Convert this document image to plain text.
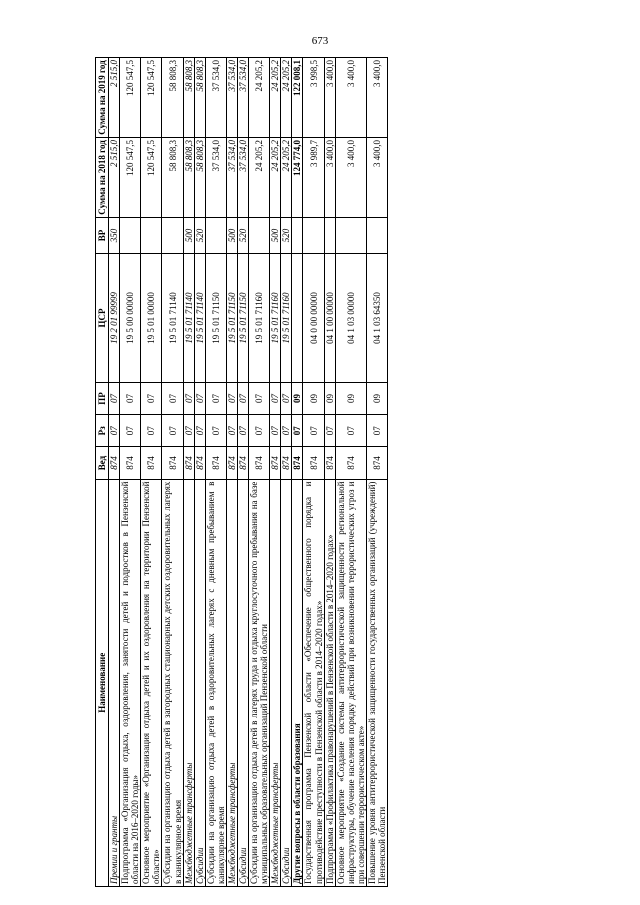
673
Наименование	Вед	Рз	ПР	ЦСР	ВР	Сумма на 2018 год	Сумма на 2019 год
Премии и гранты	874	07	07	19 2 01 99999	350	2 515,0	2 515,0
Подпрограмма «Организация отдыха, оздоровления, занятости детей и подростков в Пензенской области на 2016–2020 годы»	874	07	07	19 5 00 00000		120 547,5	120 547,5
Основное мероприятие «Организация отдыха детей и их оздоровления на территории Пензенской области»	874	07	07	19 5 01 00000		120 547,5	120 547,5
Субсидии на организацию отдыха детей в загородных стационарных детских оздоровительных лагерях в каникулярное время	874	07	07	19 5 01 71140		58 808,3	58 808,3
Межбюджетные трансферты	874	07	07	19 5 01 71140	500	58 808,3	58 808,3
Субсидии	874	07	07	19 5 01 71140	520	58 808,3	58 808,3
Субсидии на организацию отдыха детей в оздоровительных лагерях с дневным пребыванием в каникулярное время	874	07	07	19 5 01 71150		37 534,0	37 534,0
Межбюджетные трансферты	874	07	07	19 5 01 71150	500	37 534,0	37 534,0
Субсидии	874	07	07	19 5 01 71150	520	37 534,0	37 534,0
Субсидии на организацию отдыха детей в лагерях труда и отдыха круглосуточного пребывания на базе муниципальных образовательных организаций Пензенской области	874	07	07	19 5 01 71160		24 205,2	24 205,2
Межбюджетные трансферты	874	07	07	19 5 01 71160	500	24 205,2	24 205,2
Субсидии	874	07	07	19 5 01 71160	520	24 205,2	24 205,2
Другие вопросы в области образования	874	07	09			124 774,0	122 008,1
Государственная программа Пензенской области «Обеспечение общественного порядка и противодействие преступности в Пензенской области в 2014–2020 годах»	874	07	09	04 0 00 00000		3 989,7	3 998,5
Подпрограмма «Профилактика правонарушений в Пензенской области в 2014–2020 годах»	874	07	09	04 1 00 00000		3 400,0	3 400,0
Основное мероприятие «Создание системы антитеррористической защищенности региональной инфраструктуры, обучение населения порядку действий при возникновении террористических угроз и при совершении террористическом акте»	874	07	09	04 1 03 00000		3 400,0	3 400,0
Повышение уровня антитеррористической защищенности государственных организаций (учреждений) Пензенской области	874	07	09	04 1 03 64350		3 400,0	3 400,0
